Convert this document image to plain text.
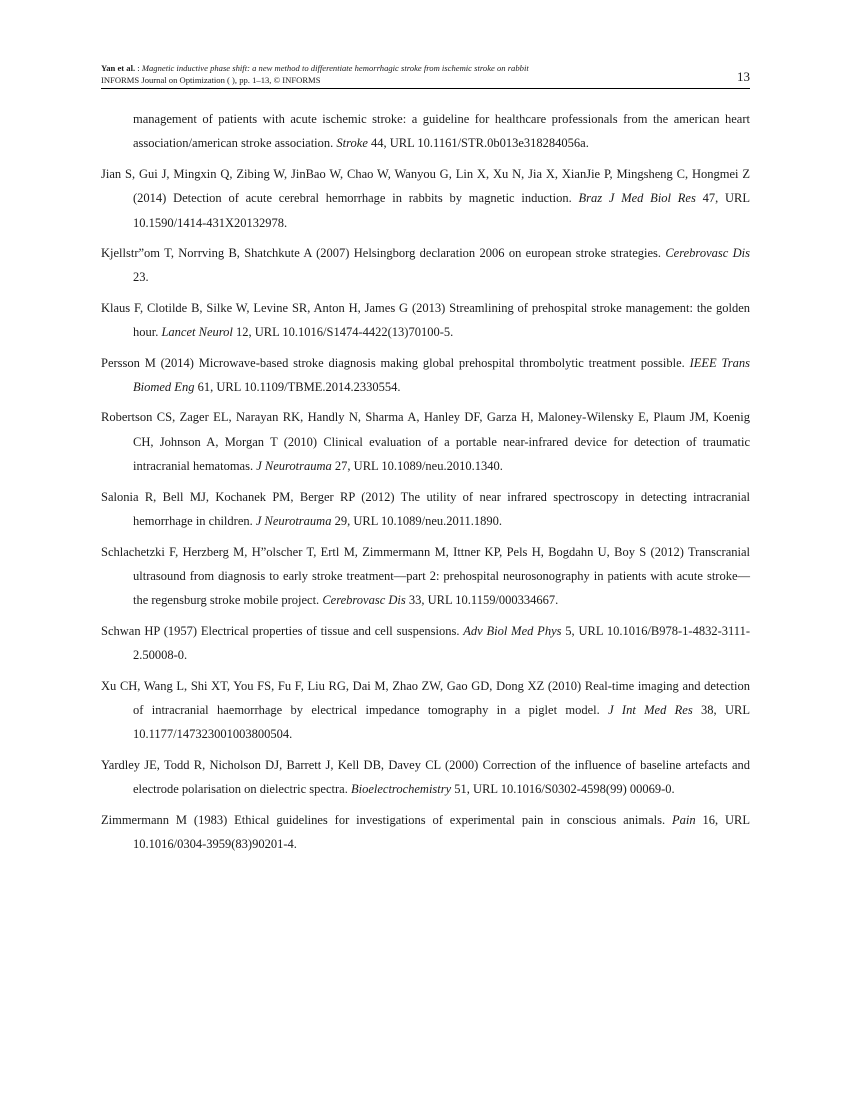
Yan et al. : Magnetic inductive phase shift: a new method to differentiate hemorrhagic stroke from ischemic stroke on rabbit
INFORMS Journal on Optimization ( ), pp. 1–13, © INFORMS	13

management of patients with acute ischemic stroke: a guideline for healthcare professionals from the american heart association/american stroke association. Stroke 44, URL 10.1161/STR.0b013e318284056a.

Jian S, Gui J, Mingxin Q, Zibing W, JinBao W, Chao W, Wanyou G, Lin X, Xu N, Jia X, XianJie P, Mingsheng C, Hongmei Z (2014) Detection of acute cerebral hemorrhage in rabbits by magnetic induction. Braz J Med Biol Res 47, URL 10.1590/1414-431X20132978.

Kjellstr”om T, Norrving B, Shatchkute A (2007) Helsingborg declaration 2006 on european stroke strategies. Cerebrovasc Dis 23.

Klaus F, Clotilde B, Silke W, Levine SR, Anton H, James G (2013) Streamlining of prehospital stroke management: the golden hour. Lancet Neurol 12, URL 10.1016/S1474-4422(13)70100-5.

Persson M (2014) Microwave-based stroke diagnosis making global prehospital thrombolytic treatment possible. IEEE Trans Biomed Eng 61, URL 10.1109/TBME.2014.2330554.

Robertson CS, Zager EL, Narayan RK, Handly N, Sharma A, Hanley DF, Garza H, Maloney-Wilensky E, Plaum JM, Koenig CH, Johnson A, Morgan T (2010) Clinical evaluation of a portable near-infrared device for detection of traumatic intracranial hematomas. J Neurotrauma 27, URL 10.1089/neu.2010.1340.

Salonia R, Bell MJ, Kochanek PM, Berger RP (2012) The utility of near infrared spectroscopy in detecting intracranial hemorrhage in children. J Neurotrauma 29, URL 10.1089/neu.2011.1890.

Schlachetzki F, Herzberg M, H”olscher T, Ertl M, Zimmermann M, Ittner KP, Pels H, Bogdahn U, Boy S (2012) Transcranial ultrasound from diagnosis to early stroke treatment—part 2: prehospital neurosonography in patients with acute stroke—the regensburg stroke mobile project. Cerebrovasc Dis 33, URL 10.1159/000334667.

Schwan HP (1957) Electrical properties of tissue and cell suspensions. Adv Biol Med Phys 5, URL 10.1016/B978-1-4832-3111-2.50008-0.

Xu CH, Wang L, Shi XT, You FS, Fu F, Liu RG, Dai M, Zhao ZW, Gao GD, Dong XZ (2010) Real-time imaging and detection of intracranial haemorrhage by electrical impedance tomography in a piglet model. J Int Med Res 38, URL 10.1177/147323001003800504.

Yardley JE, Todd R, Nicholson DJ, Barrett J, Kell DB, Davey CL (2000) Correction of the influence of baseline artefacts and electrode polarisation on dielectric spectra. Bioelectrochemistry 51, URL 10.1016/S0302-4598(99) 00069-0.

Zimmermann M (1983) Ethical guidelines for investigations of experimental pain in conscious animals. Pain 16, URL 10.1016/0304-3959(83)90201-4.
